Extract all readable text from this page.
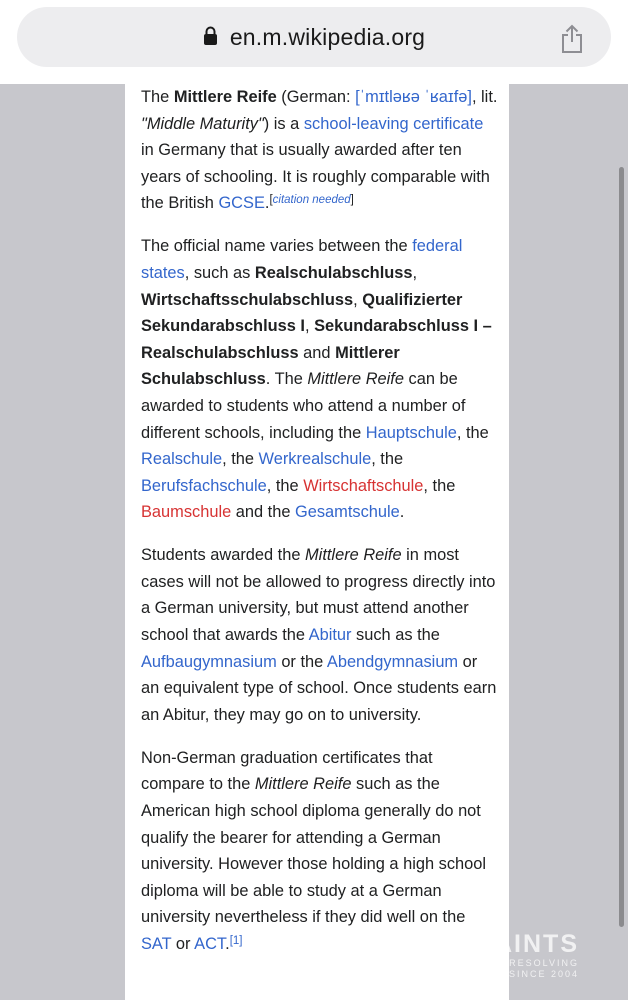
en.m.wikipedia.org

The Mittlere Reife (German: [ˈmɪtləʁə ˈʁaɪfə], lit. "Middle Maturity") is a school-leaving certificate in Germany that is usually awarded after ten years of schooling. It is roughly comparable with the British GCSE.[citation needed]

The official name varies between the federal states, such as Realschulabschluss, Wirtschaftsschulabschluss, Qualifizierter Sekundarabschluss I, Sekundarabschluss I – Realschulabschluss and Mittlerer Schulabschluss. The Mittlere Reife can be awarded to students who attend a number of different schools, including the Hauptschule, the Realschule, the Werkrealschule, the Berufsfachschule, the Wirtschaftschule, the Baumschule and the Gesamtschule.

Students awarded the Mittlere Reife in most cases will not be allowed to progress directly into a German university, but must attend another school that awards the Abitur such as the Aufbaugymnasium or the Abendgymnasium or an equivalent type of school. Once students earn an Abitur, they may go on to university.

Non-German graduation certificates that compare to the Mittlere Reife such as the American high school diploma generally do not qualify the bearer for attending a German university. However those holding a high school diploma will be able to study at a German university nevertheless if they did well on the SAT or ACT.[1]	AINTS
RESOLVING
SINCE 2004
